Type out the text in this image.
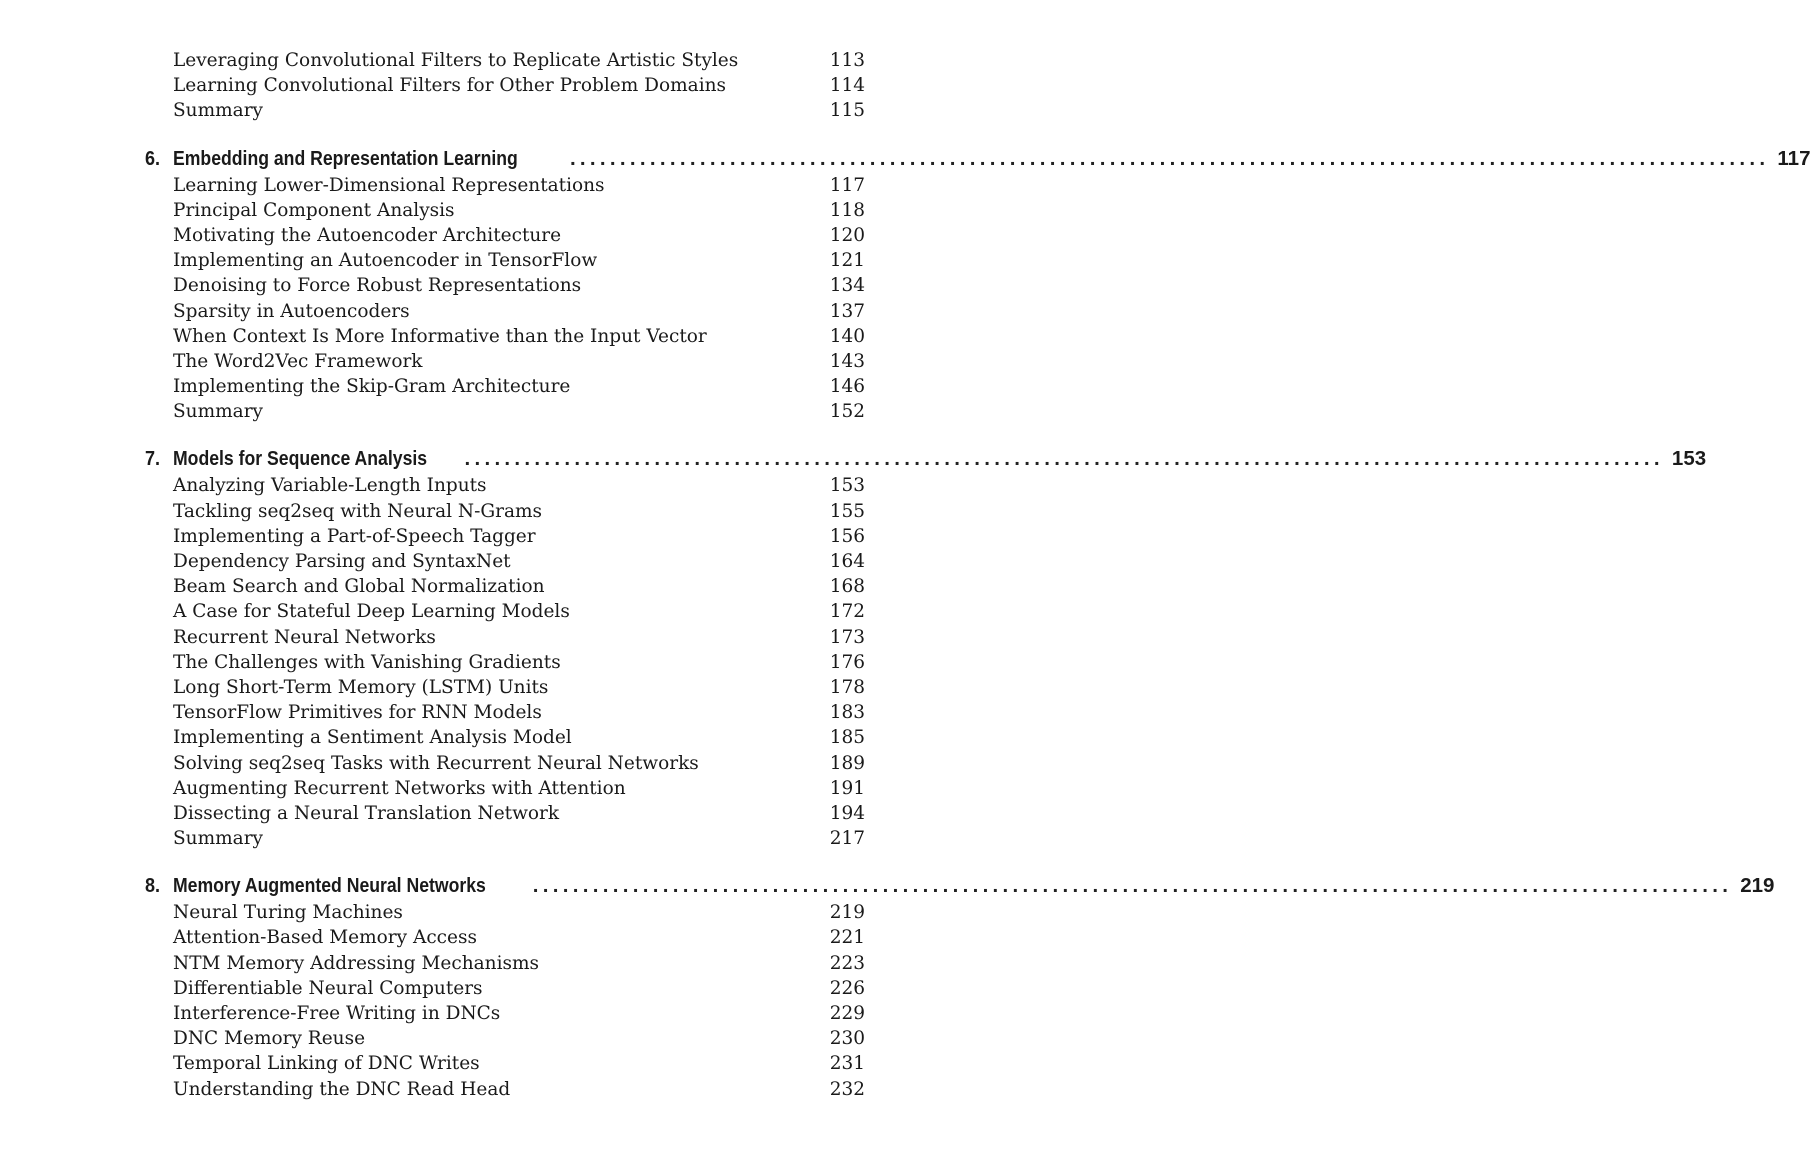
Leveraging Convolutional Filters to Replicate Artistic Styles	113
Learning Convolutional Filters for Other Problem Domains	114
Summary	115
6. Embedding and Representation Learning	........................................................................................................................ 117
Learning Lower-Dimensional Representations	117
Principal Component Analysis	118
Motivating the Autoencoder Architecture	120
Implementing an Autoencoder in TensorFlow	121
Denoising to Force Robust Representations	134
Sparsity in Autoencoders	137
When Context Is More Informative than the Input Vector	140
The Word2Vec Framework	143
Implementing the Skip-Gram Architecture	146
Summary	152
7. Models for Sequence Analysis ........................................................................................................................ 153
Analyzing Variable-Length Inputs	153
Tackling seq2seq with Neural N-Grams	155
Implementing a Part-of-Speech Tagger	156
Dependency Parsing and SyntaxNet	164
Beam Search and Global Normalization	168
A Case for Stateful Deep Learning Models	172
Recurrent Neural Networks	173
The Challenges with Vanishing Gradients	176
Long Short-Term Memory (LSTM) Units	178
TensorFlow Primitives for RNN Models	183
Implementing a Sentiment Analysis Model	185
Solving seq2seq Tasks with Recurrent Neural Networks	189
Augmenting Recurrent Networks with Attention	191
Dissecting a Neural Translation Network	194
Summary	217
8. Memory Augmented Neural Networks ........................................................................................................................ 219
Neural Turing Machines	219
Attention-Based Memory Access	221
NTM Memory Addressing Mechanisms	223
Differentiable Neural Computers	226
Interference-Free Writing in DNCs	229
DNC Memory Reuse	230
Temporal Linking of DNC Writes	231
Understanding the DNC Read Head	232
